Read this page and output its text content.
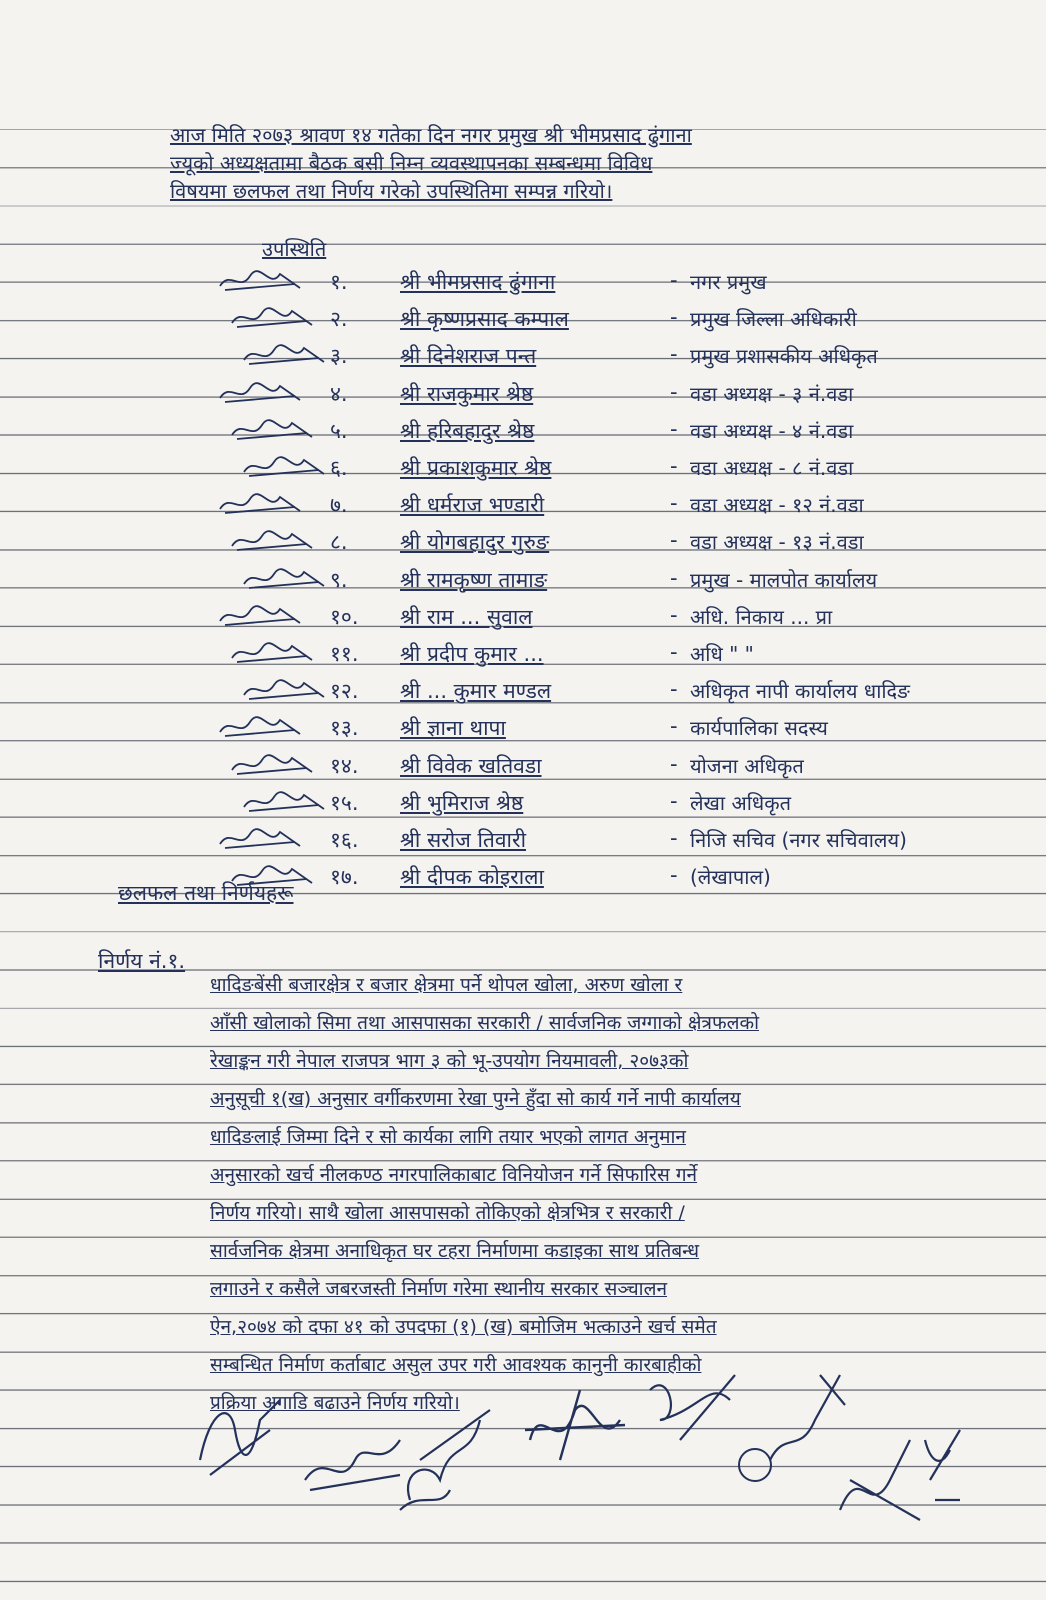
आज मिति २०७३ श्रावण १४ गतेका दिन नगर प्रमुख श्री भीमप्रसाद ढुंगाना
ज्यूको अध्यक्षतामा बैठक बसी निम्न व्यवस्थापनका सम्बन्धमा विविध
विषयमा छलफल तथा निर्णय गरेको उपस्थितिमा सम्पन्न गरियो।
उपस्थिति
१.	श्री भीमप्रसाद ढुंगाना	- नगर प्रमुख
२.	श्री कृष्णप्रसाद कम्पाल	- प्रमुख जिल्ला अधिकारी
३.	श्री दिनेशराज पन्त	- प्रमुख प्रशासकीय अधिकृत
४.	श्री राजकुमार श्रेष्ठ	- वडा अध्यक्ष - ३ नं.वडा
५.	श्री हरिबहादुर श्रेष्ठ	- वडा अध्यक्ष - ४ नं.वडा
६.	श्री प्रकाशकुमार श्रेष्ठ	- वडा अध्यक्ष - ८ नं.वडा
७.	श्री धर्मराज भण्डारी	- वडा अध्यक्ष - १२ नं.वडा
८.	श्री योगबहादुर गुरुङ	- वडा अध्यक्ष - १३ नं.वडा
९.	श्री रामकृष्ण तामाङ	- प्रमुख - मालपोत कार्यालय
१०.	श्री राम ... सुवाल	- अधि. निकाय ... प्रा
११.	श्री प्रदीप कुमार ...	- अधि " "
१२.	श्री ... कुमार मण्डल	- अधिकृत नापी कार्यालय धादिङ
१३.	श्री ज्ञाना थापा	- कार्यपालिका सदस्य
१४.	श्री विवेक खतिवडा	- योजना अधिकृत
१५.	श्री भुमिराज श्रेष्ठ	- लेखा अधिकृत
१६.	श्री सरोज तिवारी	- निजि सचिव (नगर सचिवालय)
१७.	श्री दीपक कोइराला	- (लेखापाल)
छलफल तथा निर्णयहरू
निर्णय नं.१.
धादिङबेंसी बजारक्षेत्र र बजार क्षेत्रमा पर्ने थोपल खोला, अरुण खोला र
आँसी खोलाको सिमा तथा आसपासका सरकारी / सार्वजनिक जग्गाको क्षेत्रफलको
रेखाङ्कन गरी नेपाल राजपत्र भाग ३ को भू-उपयोग नियमावली, २०७३को
अनुसूची १(ख) अनुसार वर्गीकरणमा रेखा पुग्ने हुँदा सो कार्य गर्ने नापी कार्यालय
धादिङलाई जिम्मा दिने र सो कार्यका लागि तयार भएको लागत अनुमान
अनुसारको खर्च नीलकण्ठ नगरपालिकाबाट विनियोजन गर्ने सिफारिस गर्ने
निर्णय गरियो। साथै खोला आसपासको तोकिएको क्षेत्रभित्र र सरकारी /
सार्वजनिक क्षेत्रमा अनाधिकृत घर टहरा निर्माणमा कडाइका साथ प्रतिबन्ध
लगाउने र कसैले जबरजस्ती निर्माण गरेमा स्थानीय सरकार सञ्चालन
ऐन,२०७४ को दफा ४१ को उपदफा (१) (ख) बमोजिम भत्काउने खर्च समेत
सम्बन्धित निर्माण कर्ताबाट असुल उपर गरी आवश्यक कानुनी कारबाहीको
प्रक्रिया अगाडि बढाउने निर्णय गरियो।
